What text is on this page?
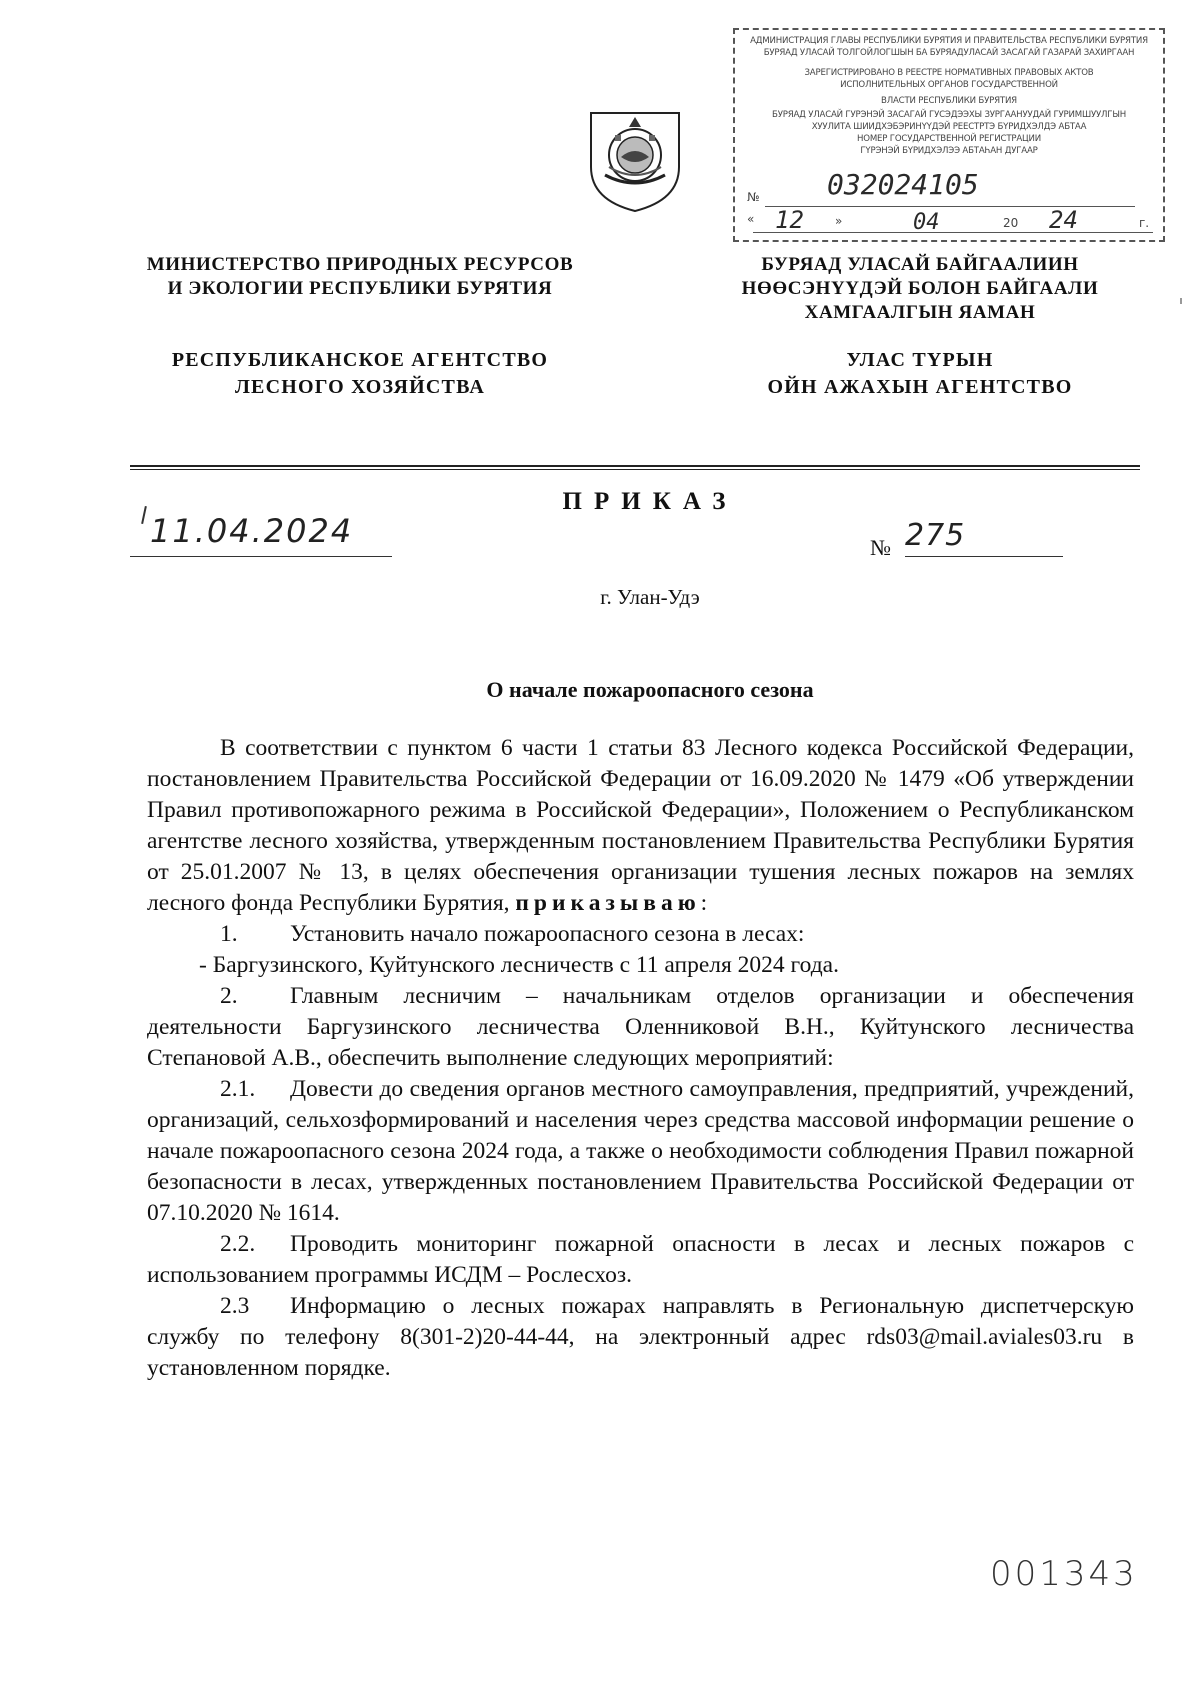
АДМИНИСТРАЦИЯ ГЛАВЫ РЕСПУБЛИКИ БУРЯТИЯ И ПРАВИТЕЛЬСТВА РЕСПУБЛИКИ БУРЯТИЯ
БУРЯАД УЛАСАЙ ТОЛГОЙЛОГШЫН БА БУРЯАДУЛАСАЙ ЗАСАГАЙ ГАЗАРАЙ ЗАХИРГААН
ЗАРЕГИСТРИРОВАНО В РЕЕСТРЕ НОРМАТИВНЫХ ПРАВОВЫХ АКТОВ
ИСПОЛНИТЕЛЬНЫХ ОРГАНОВ ГОСУДАРСТВЕННОЙ
ВЛАСТИ РЕСПУБЛИКИ БУРЯТИЯ
БУРЯАД УЛАСАЙ ГУРЭНЭЙ ЗАСАГАЙ ГУСЭДЭЭХЫ ЗУРГААНУУДАЙ ГУРИМШУУЛГЫН
ХУУЛИТА ШИИДХЭБЭРИНҮҮДЭЙ РЕЕСТРТЭ БҮРИДХЭЛДЭ АБТАА
НОМЕР ГОСУДАРСТВЕННОЙ РЕГИСТРАЦИИ
ГҮРЭНЭЙ БҮРИДХЭЛЭЭ АБТАҺАН ДУГААР
№ 032024105
« 12	»	04	20 24	г.
МИНИСТЕРСТВО ПРИРОДНЫХ РЕСУРСОВ
И ЭКОЛОГИИ РЕСПУБЛИКИ БУРЯТИЯ
БУРЯАД УЛАСАЙ БАЙГААЛИИН
НӨӨСЭНҮҮДЭЙ БОЛОН БАЙГААЛИ
ХАМГААЛГЫН ЯАМАН
РЕСПУБЛИКАНСКОЕ АГЕНТСТВО
ЛЕСНОГО ХОЗЯЙСТВА
УЛАС ТҮРЫН
ОЙН АЖАХЫН АГЕНТСТВО
ПРИКАЗ
11.04.2024	№ 275
г. Улан-Удэ
О начале пожароопасного сезона

В соответствии с пунктом 6 части 1 статьи 83 Лесного кодекса Российской Федерации, постановлением Правительства Российской Федерации от 16.09.2020 № 1479 «Об утверждении Правил противопожарного режима в Российской Федерации», Положением о Республиканском агентстве лесного хозяйства, утвержденным постановлением Правительства Республики Бурятия от 25.01.2007 № 13, в целях обеспечения организации тушения лесных пожаров на землях лесного фонда Республики Бурятия, приказываю:

1. Установить начало пожароопасного сезона в лесах:

- Баргузинского, Куйтунского лесничеств с 11 апреля 2024 года.

2. Главным лесничим – начальникам отделов организации и обеспечения деятельности Баргузинского лесничества Оленниковой В.Н., Куйтунского лесничества Степановой А.В., обеспечить выполнение следующих мероприятий:

2.1. Довести до сведения органов местного самоуправления, предприятий, учреждений, организаций, сельхозформирований и населения через средства массовой информации решение о начале пожароопасного сезона 2024 года, а также о необходимости соблюдения Правил пожарной безопасности в лесах, утвержденных постановлением Правительства Российской Федерации от 07.10.2020 № 1614.

2.2. Проводить мониторинг пожарной опасности в лесах и лесных пожаров с использованием программы ИСДМ – Рослесхоз.

2.3 Информацию о лесных пожарах направлять в Региональную диспетчерскую службу по телефону 8(301-2)20-44-44, на электронный адрес rds03@mail.aviales03.ru в установленном порядке.

001343
